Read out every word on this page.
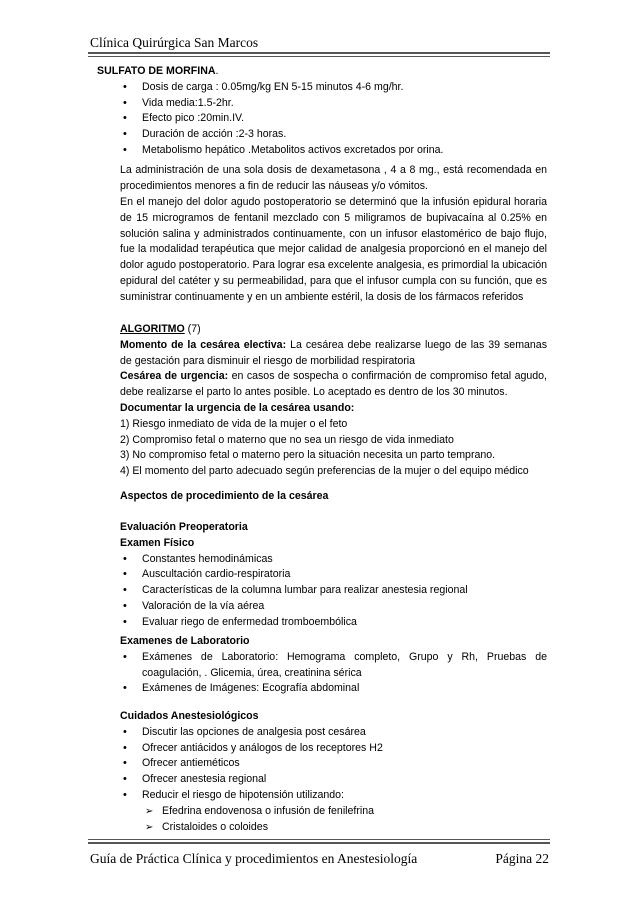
Clínica Quirúrgica San Marcos
SULFATO DE MORFINA.
• Dosis de carga : 0.05mg/kg EN 5-15 minutos 4-6 mg/hr.
• Vida media:1.5-2hr.
• Efecto pico :20min.IV.
• Duración de acción :2-3 horas.
• Metabolismo hepático .Metabolitos activos excretados por orina.
La administración de una sola dosis de dexametasona , 4 a 8 mg., está recomendada en procedimientos menores a fin de reducir las náuseas y/o vómitos.
En el manejo del dolor agudo postoperatorio se determinó que la infusión epidural horaria de 15 microgramos de fentanil mezclado con 5 miligramos de bupivacaína al 0.25% en solución salina y administrados continuamente, con un infusor elastomérico de bajo flujo, fue la modalidad terapéutica que mejor calidad de analgesia proporcionó en el manejo del dolor agudo postoperatorio. Para lograr esa excelente analgesia, es primordial la ubicación epidural del catéter y su permeabilidad, para que el infusor cumpla con su función, que es suministrar continuamente y en un ambiente estéril, la dosis de los fármacos referidos
ALGORITMO (7)
Momento de la cesárea electiva: La cesárea debe realizarse luego de las 39 semanas de gestación para disminuir el riesgo de morbilidad respiratoria
Cesárea de urgencia: en casos de sospecha o confirmación de compromiso fetal agudo, debe realizarse el parto lo antes posible. Lo aceptado es dentro de los 30 minutos.
Documentar la urgencia de la cesárea usando:
1) Riesgo inmediato de vida de la mujer o el feto
2) Compromiso fetal o materno que no sea un riesgo de vida inmediato
3) No compromiso fetal o materno pero la situación necesita un parto temprano.
4) El momento del parto adecuado según preferencias de la mujer o del equipo médico
Aspectos de procedimiento de la cesárea
Evaluación Preoperatoria
Examen Físico
• Constantes hemodinámicas
• Auscultación cardio-respiratoria
• Características de la columna lumbar para realizar anestesia regional
• Valoración de la vía aérea
• Evaluar riego de enfermedad tromboembólica
Examenes de Laboratorio
• Exámenes de Laboratorio: Hemograma completo, Grupo y Rh, Pruebas de coagulación, . Glicemia, úrea, creatinina sérica
• Exámenes de Imágenes: Ecografía abdominal
Cuidados Anestesiológicos
• Discutir las opciones de analgesia post cesárea
• Ofrecer antiácidos y análogos de los receptores H2
• Ofrecer antieméticos
• Ofrecer anestesia regional
• Reducir el riesgo de hipotensión utilizando:
➢ Efedrina endovenosa o infusión de fenilefrina
➢ Cristaloides o coloides
Guía de Práctica Clínica y procedimientos en Anestesiología	Página 22
